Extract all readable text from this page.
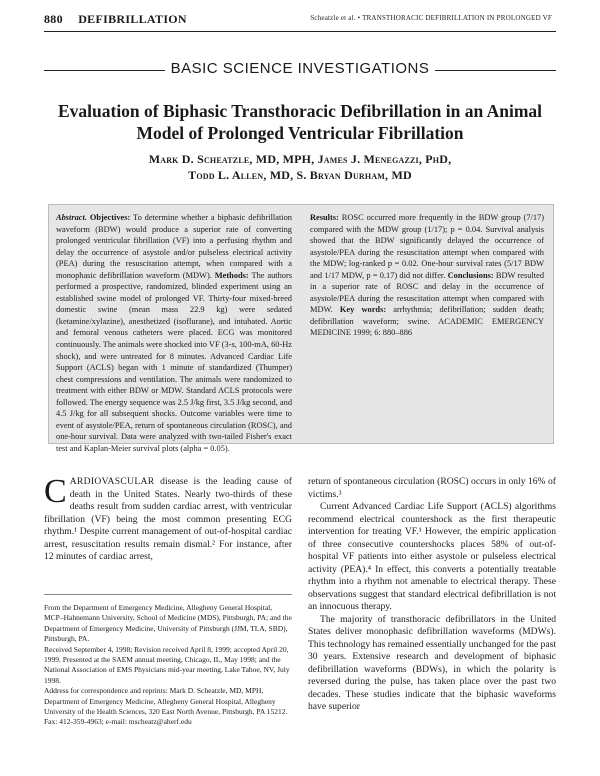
880 DEFIBRILLATION	Scheatzle et al. • TRANSTHORACIC DEFIBRILLATION IN PROLONGED VF
BASIC SCIENCE INVESTIGATIONS
Evaluation of Biphasic Transthoracic Defibrillation in an Animal Model of Prolonged Ventricular Fibrillation
Mark D. Scheatzle, MD, MPH, James J. Menegazzi, PhD,
Todd L. Allen, MD, S. Bryan Durham, MD
Abstract. Objectives: To determine whether a biphasic defibrillation waveform (BDW) would produce a superior rate of converting prolonged ventricular fibrillation (VF) into a perfusing rhythm and delay the occurrence of asystole and/or pulseless electrical activity (PEA) during the resuscitation attempt, when compared with a monophasic defibrillation waveform (MDW). Methods: The authors performed a prospective, randomized, blinded experiment using an established swine model of prolonged VF. Thirty-four mixed-breed domestic swine (mean mass 22.9 kg) were sedated (ketamine/xylazine), anesthetized (isoflurane), and intubated. Aortic and femoral venous catheters were placed. ECG was monitored continuously. The animals were shocked into VF (3-s, 100-mA, 60-Hz shock), and were untreated for 8 minutes. Advanced Cardiac Life Support (ACLS) began with 1 minute of standardized (Thumper) chest compressions and ventilation. The animals were randomized to treatment with either BDW or MDW. Standard ACLS protocols were followed. The energy sequence was 2.5 J/kg first, 3.5 J/kg second, and 4.5 J/kg for all subsequent shocks. Outcome variables were time to event of asystole/PEA, return of spontaneous circulation (ROSC), and one-hour survival. Data were analyzed with two-tailed Fisher's exact test and Kaplan-Meier survival plots (alpha = 0.05).
Results: ROSC occurred more frequently in the BDW group (7/17) compared with the MDW group (1/17); p = 0.04. Survival analysis showed that the BDW significantly delayed the occurrence of asystole/PEA during the resuscitation attempt when compared with the MDW; log-ranked p = 0.02. One-hour survival rates (5/17 BDW and 1/17 MDW, p = 0.17) did not differ. Conclusions: BDW resulted in a superior rate of ROSC and delay in the occurrence of asystole/PEA during the resuscitation attempt when compared with MDW. Key words: arrhythmia; defibrillation; sudden death; defibrillation waveform; swine. ACADEMIC EMERGENCY MEDICINE 1999; 6: 880–886

CARDIOVASCULAR disease is the leading cause of death in the United States. Nearly two-thirds of these deaths result from sudden cardiac arrest, with ventricular fibrillation (VF) being the most common presenting ECG rhythm.¹ Despite current management of out-of-hospital cardiac arrest, resuscitation results remain dismal.² For instance, after 12 minutes of cardiac arrest,

From the Department of Emergency Medicine, Allegheny General Hospital, MCP–Hahnemann University, School of Medicine (MDS), Pittsburgh, PA; and the Department of Emergency Medicine, University of Pittsburgh (JJM, TLA, SBD), Pittsburgh, PA.

Received September 4, 1998; Revision received April 8, 1999; accepted April 20, 1999. Presented at the SAEM annual meeting, Chicago, IL, May 1998; and the National Association of EMS Physicians mid-year meeting, Lake Tahoe, NV, July 1998.

Address for correspondence and reprints: Mark D. Scheatzle, MD, MPH, Department of Emergency Medicine, Allegheny General Hospital, Allegheny University of the Health Sciences, 320 East North Avenue, Pittsburgh, PA 15212. Fax: 412-359-4963; e-mail: mscheatz@aherf.edu

return of spontaneous circulation (ROSC) occurs in only 16% of victims.³

Current Advanced Cardiac Life Support (ACLS) algorithms recommend electrical countershock as the first therapeutic intervention for treating VF.¹ However, the empiric application of three consecutive countershocks places 58% of out-of-hospital VF patients into either asystole or pulseless electrical activity (PEA).⁴ In effect, this converts a potentially treatable rhythm into a rhythm not amenable to electrical therapy. These observations suggest that standard electrical defibrillation is not an innocuous therapy.

The majority of transthoracic defibrillators in the United States deliver monophasic defibrillation waveforms (MDWs). This technology has remained essentially unchanged for the past 30 years. Extensive research and development of biphasic defibrillation waveforms (BDWs), in which the polarity is reversed during the pulse, has taken place over the past two decades. These studies indicate that the biphasic waveforms have superior
